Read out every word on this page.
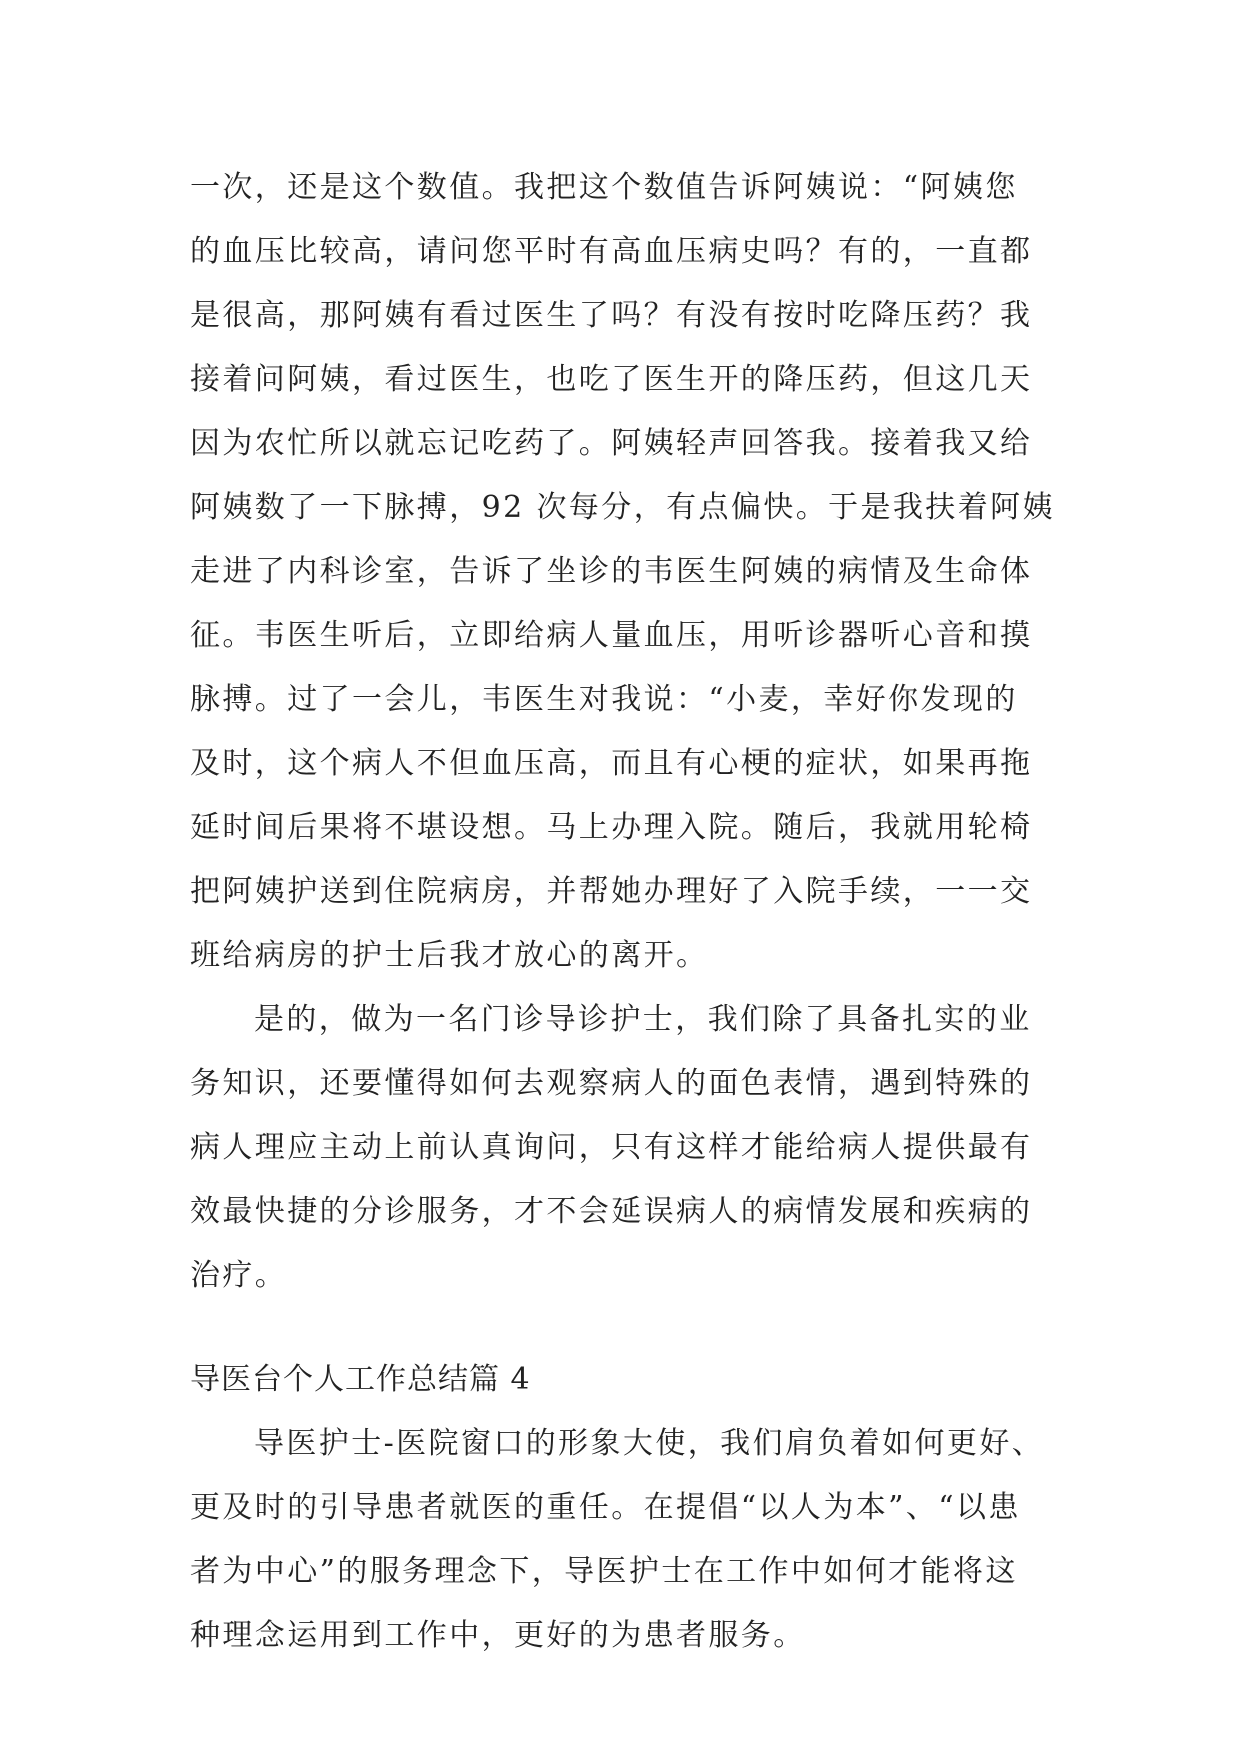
一次，还是这个数值。我把这个数值告诉阿姨说：“阿姨您
的血压比较高，请问您平时有高血压病史吗？有的，一直都
是很高，那阿姨有看过医生了吗？有没有按时吃降压药？我
接着问阿姨，看过医生，也吃了医生开的降压药，但这几天
因为农忙所以就忘记吃药了。阿姨轻声回答我。接着我又给
阿姨数了一下脉搏，92 次每分，有点偏快。于是我扶着阿姨
走进了内科诊室，告诉了坐诊的韦医生阿姨的病情及生命体
征。韦医生听后，立即给病人量血压，用听诊器听心音和摸
脉搏。过了一会儿，韦医生对我说：“小麦，幸好你发现的
及时，这个病人不但血压高，而且有心梗的症状，如果再拖
延时间后果将不堪设想。马上办理入院。随后，我就用轮椅
把阿姨护送到住院病房，并帮她办理好了入院手续，一一交
班给病房的护士后我才放心的离开。
是的，做为一名门诊导诊护士，我们除了具备扎实的业
务知识，还要懂得如何去观察病人的面色表情，遇到特殊的
病人理应主动上前认真询问，只有这样才能给病人提供最有
效最快捷的分诊服务，才不会延误病人的病情发展和疾病的
治疗。
导医台个人工作总结篇 4
导医护士-医院窗口的形象大使，我们肩负着如何更好、
更及时的引导患者就医的重任。在提倡“以人为本”、“以患
者为中心”的服务理念下，导医护士在工作中如何才能将这
种理念运用到工作中，更好的为患者服务。
